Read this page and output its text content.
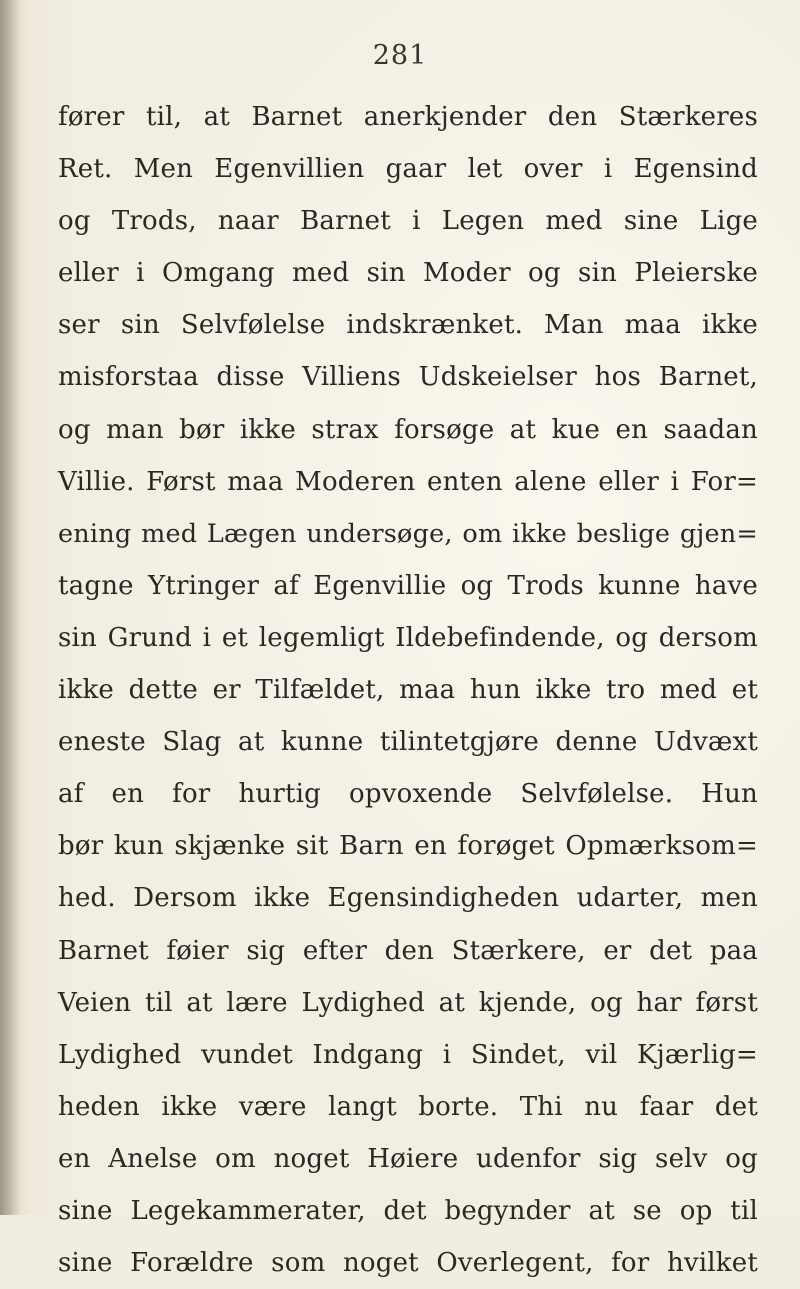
281
fører til, at Barnet anerkjender den Stærkeres
Ret. Men Egenvillien gaar let over i Egensind
og Trods, naar Barnet i Legen med sine Lige
eller i Omgang med sin Moder og sin Pleierske
ser sin Selvfølelse indskrænket. Man maa ikke
misforstaa disse Villiens Udskeielser hos Barnet,
og man bør ikke strax forsøge at kue en saadan
Villie. Først maa Moderen enten alene eller i For=
ening med Lægen undersøge, om ikke beslige gjen=
tagne Ytringer af Egenvillie og Trods kunne have
sin Grund i et legemligt Ildebefindende, og dersom
ikke dette er Tilfældet, maa hun ikke tro med et
eneste Slag at kunne tilintetgjøre denne Udvæxt
af en for hurtig opvoxende Selvfølelse. Hun
bør kun skjænke sit Barn en forøget Opmærksom=
hed. Dersom ikke Egensindigheden udarter, men
Barnet føier sig efter den Stærkere, er det paa
Veien til at lære Lydighed at kjende, og har først
Lydighed vundet Indgang i Sindet, vil Kjærlig=
heden ikke være langt borte. Thi nu faar det
en Anelse om noget Høiere udenfor sig selv og
sine Legekammerater, det begynder at se op til
sine Forældre som noget Overlegent, for hvilket
